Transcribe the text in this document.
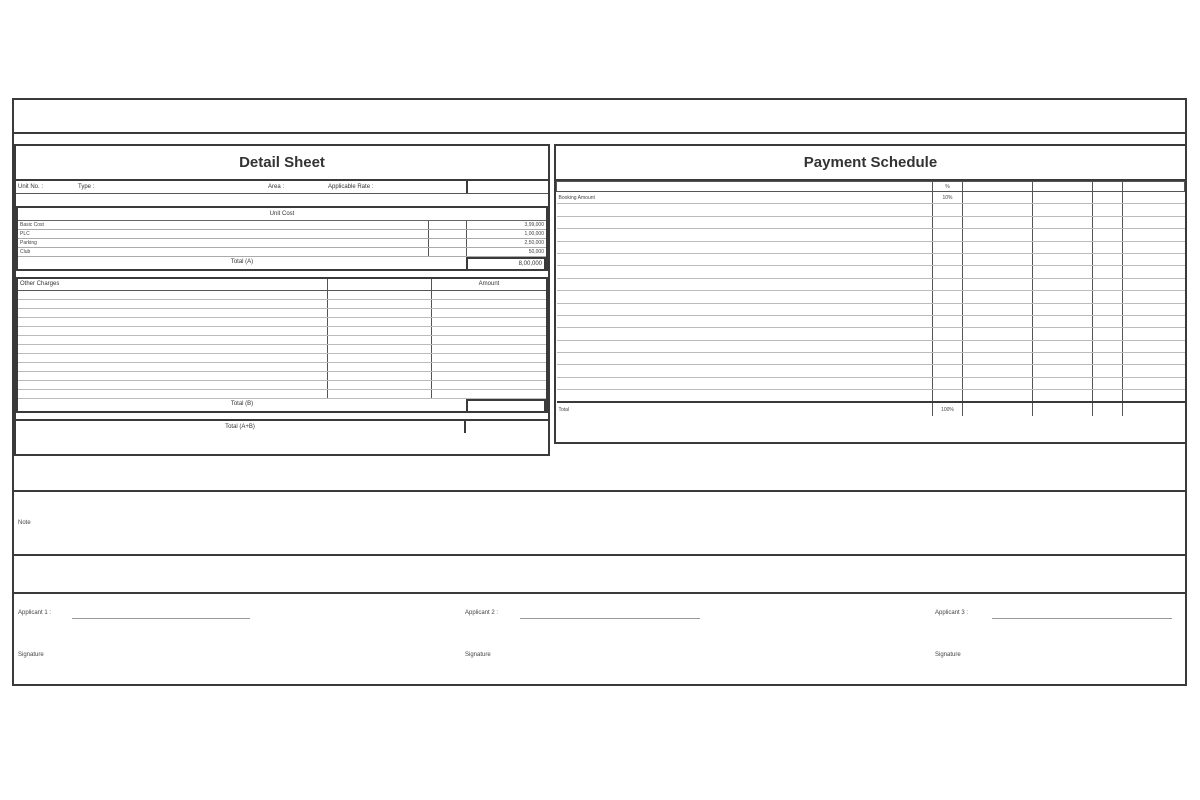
Detail Sheet
Unit No. :	Type :	Area :	Applicable Rate :
Unit Cost
Basic Cost	3,99,000
PLC	1,00,000
Parking	2,50,000
Club	50,000
Total (A)	8,00,000
Other Charges	Amount
Total (B)
Total (A+B)
Payment Schedule
	%				
Booking Amount	10%				

Total	100%				
Note
Applicant 1 :	Applicant 2 :	Applicant 3 :
Signature	Signature	Signature
